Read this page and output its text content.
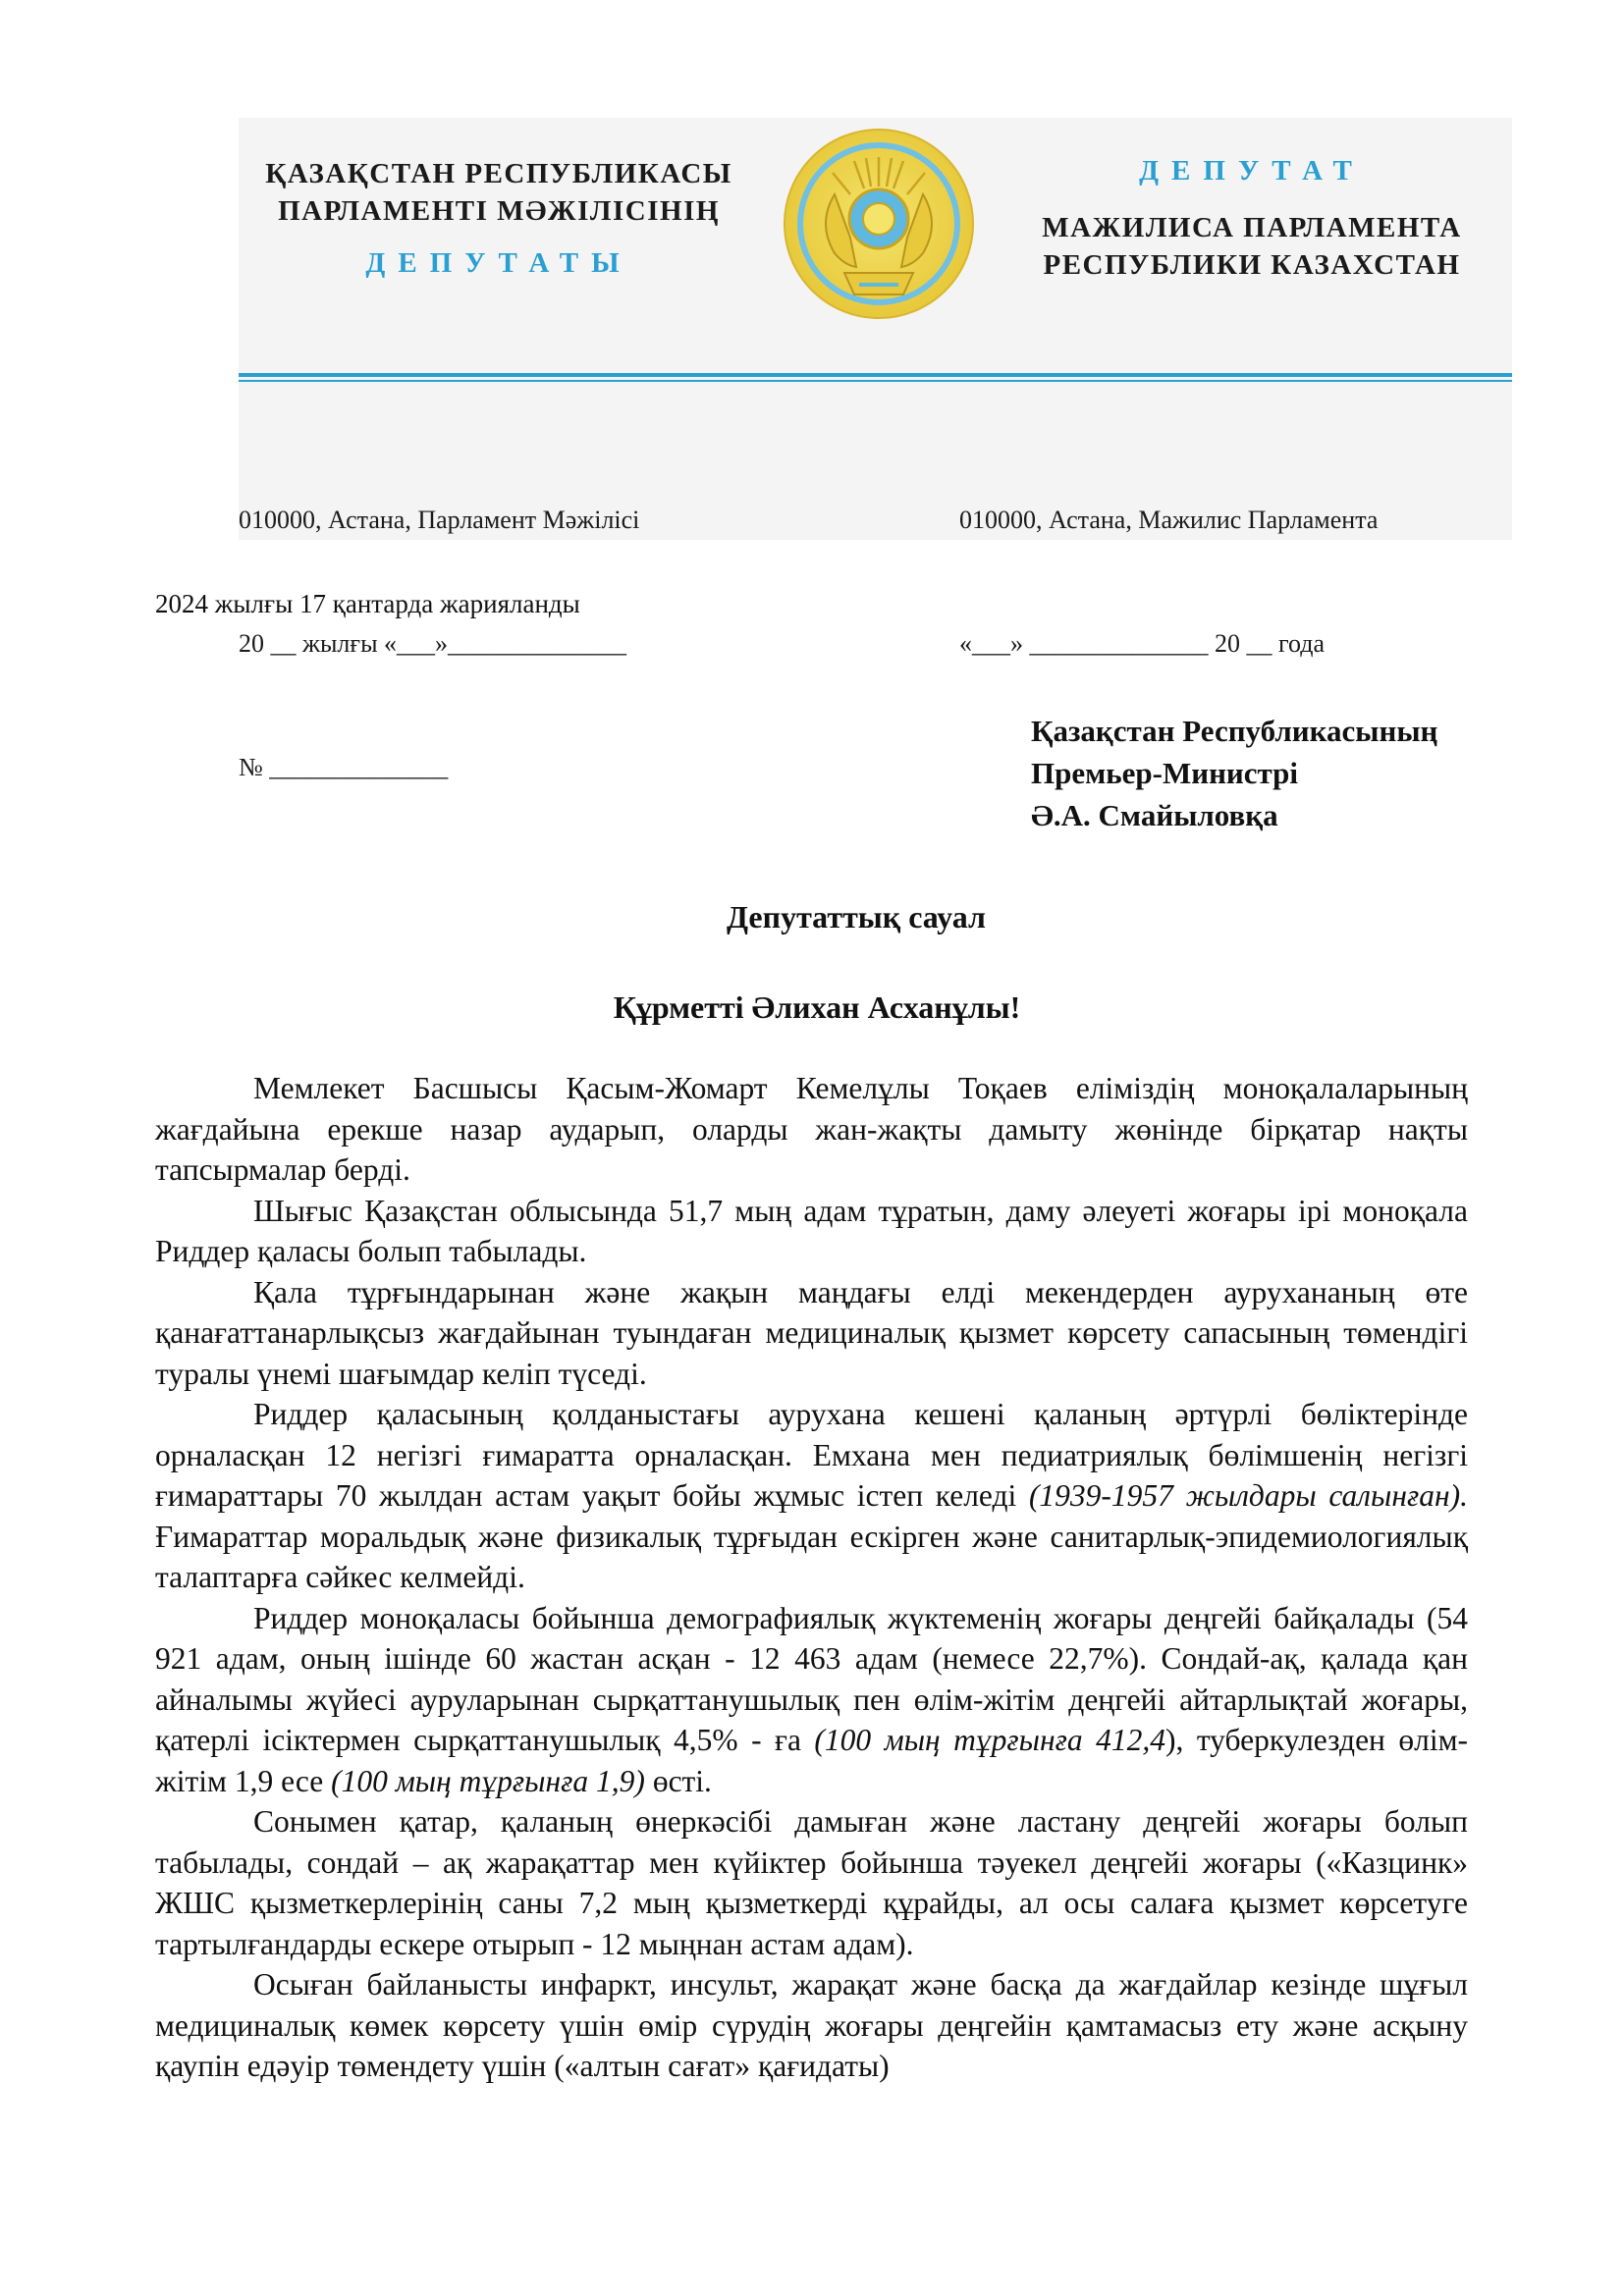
ҚАЗАҚСТАН РЕСПУБЛИКАСЫ

ПАРЛАМЕНТІ МӘЖІЛІСІНІҢ

ДЕПУТАТЫ

ДЕПУТАТ

МАЖИЛИСА ПАРЛАМЕНТА

РЕСПУБЛИКИ КАЗАХСТАН

010000, Астана, Парламент Мәжілісі

20 __ жылғы «___»______________

№ ______________

010000, Астана, Мажилис Парламента

«___» ______________ 20 __ года

2024 жылғы 17 қантарда жарияланды
Қазақстан Республикасының
Премьер-Министрі
Ә.А. Смайыловқа
Депутаттық сауал
Құрметті Әлихан Асханұлы!

Мемлекет Басшысы Қасым-Жомарт Кемелұлы Тоқаев еліміздің моноқалаларының жағдайына ерекше назар аударып, оларды жан-жақты дамыту жөнінде бірқатар нақты тапсырмалар берді.

Шығыс Қазақстан облысында 51,7 мың адам тұратын, даму әлеуеті жоғары ірі моноқала Риддер қаласы болып табылады.

Қала тұрғындарынан және жақын маңдағы елді мекендерден аурухананың өте қанағаттанарлықсыз жағдайынан туындаған медициналық қызмет көрсету сапасының төмендігі туралы үнемі шағымдар келіп түседі.

Риддер қаласының қолданыстағы аурухана кешені қаланың әртүрлі бөліктерінде орналасқан 12 негізгі ғимаратта орналасқан. Емхана мен педиатриялық бөлімшенің негізгі ғимараттары 70 жылдан астам уақыт бойы жұмыс істеп келеді (1939-1957 жылдары салынған). Ғимараттар моральдық және физикалық тұрғыдан ескірген және санитарлық-эпидемиологиялық талаптарға сәйкес келмейді.

Риддер моноқаласы бойынша демографиялық жүктеменің жоғары деңгейі байқалады (54 921 адам, оның ішінде 60 жастан асқан - 12 463 адам (немесе 22,7%). Сондай-ақ, қалада қан айналымы жүйесі ауруларынан сырқаттанушылық пен өлім-жітім деңгейі айтарлықтай жоғары, қатерлі ісіктермен сырқаттанушылық 4,5% - ға (100 мың тұрғынға 412,4), туберкулезден өлім-жітім 1,9 есе (100 мың тұрғынға 1,9) өсті.

Сонымен қатар, қаланың өнеркәсібі дамыған және ластану деңгейі жоғары болып табылады, сондай – ақ жарақаттар мен күйіктер бойынша тәуекел деңгейі жоғары («Казцинк» ЖШС қызметкерлерінің саны 7,2 мың қызметкерді құрайды, ал осы салаға қызмет көрсетуге тартылғандарды ескере отырып - 12 мыңнан астам адам).

Осыған байланысты инфаркт, инсульт, жарақат және басқа да жағдайлар кезінде шұғыл медициналық көмек көрсету үшін өмір сүрудің жоғары деңгейін қамтамасыз ету және асқыну қаупін едәуір төмендету үшін («алтын сағат» қағидаты)
